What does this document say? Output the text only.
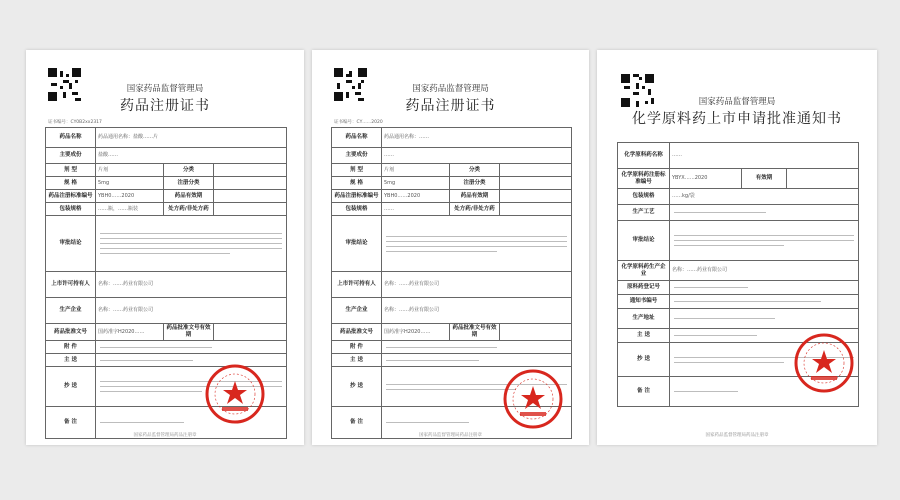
国家药品监督管理局
药品注册证书
证书编号：CY0B2xx2317
药品名称	药品通用名称：盐酸……片		
主要成份	盐酸……		
剂 型	片剂	分类	
规 格	5mg	注册分类	
药品注册标准编号	YBH0……2020	药品有效期	
包装规格	……瓶，……瓶装	处方药/非处方药	
审批结论			

上市许可持有人	名称：……药业有限公司		
生产企业	名称：……药业有限公司		
药品批准文号	国药准字H2020……	药品批准文号有效期	
附 件			

主 送			

抄 送			

备 注			
国家药品监督管理局药品注册章
国家药品监督管理局
药品注册证书
证书编号：CY……2020
药品名称	药品通用名称：……		
主要成份	……		
剂 型	片剂	分类	
规 格	5mg	注册分类	
药品注册标准编号	YBH0……2020	药品有效期	
包装规格	……	处方药/非处方药	
审批结论			

上市许可持有人	名称：……药业有限公司		
生产企业	名称：……药业有限公司		
药品批准文号	国药准字H2020……	药品批准文号有效期	
附 件			

主 送			

抄 送			

备 注			
国家药品监督管理局药品注册章
国家药品监督管理局
化学原料药上市申请批准通知书
化学原料药名称	……		
化学原料药注册标准编号	YBYX……2020	有效期	
包装规格	……kg/袋		
生产工艺			

审批结论			

化学原料药生产企业	名称：……药业有限公司		
原料药登记号			

通知书编号			

生产地址			

主 送			

抄 送			

备 注			
国家药品监督管理局药品注册章
